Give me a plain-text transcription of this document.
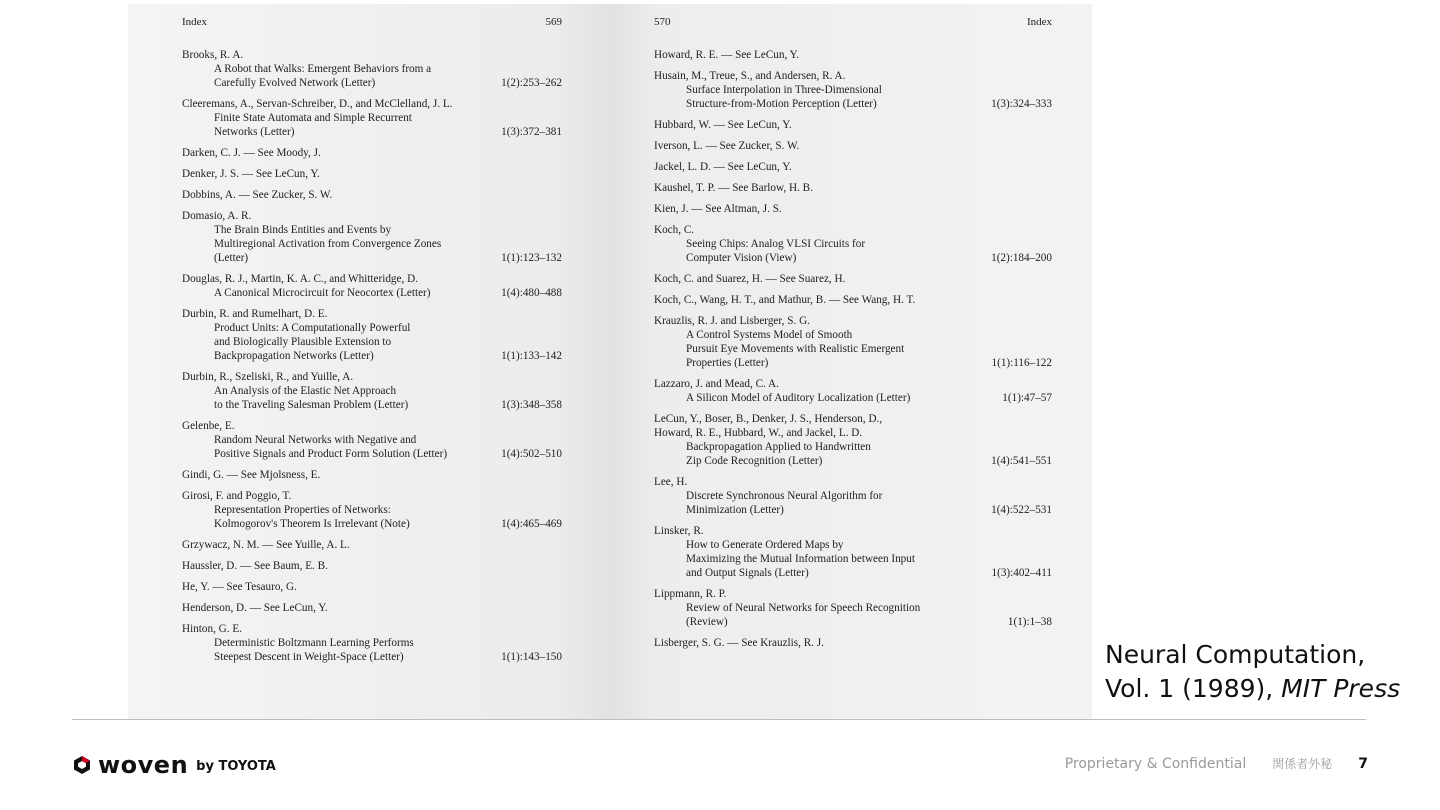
Index	569
Brooks, R. A.
A Robot that Walks: Emergent Behaviors from a
Carefully Evolved Network (Letter)	1(2):253–262
Cleeremans, A., Servan-Schreiber, D., and McClelland, J. L.
Finite State Automata and Simple Recurrent
Networks (Letter)	1(3):372–381
Darken, C. J. — See Moody, J.
Denker, J. S. — See LeCun, Y.
Dobbins, A. — See Zucker, S. W.
Domasio, A. R.
The Brain Binds Entities and Events by
Multiregional Activation from Convergence Zones
(Letter)	1(1):123–132
Douglas, R. J., Martin, K. A. C., and Whitteridge, D.
A Canonical Microcircuit for Neocortex (Letter)	1(4):480–488
Durbin, R. and Rumelhart, D. E.
Product Units: A Computationally Powerful
and Biologically Plausible Extension to
Backpropagation Networks (Letter)	1(1):133–142
Durbin, R., Szeliski, R., and Yuille, A.
An Analysis of the Elastic Net Approach
to the Traveling Salesman Problem (Letter)	1(3):348–358
Gelenbe, E.
Random Neural Networks with Negative and
Positive Signals and Product Form Solution (Letter)	1(4):502–510
Gindi, G. — See Mjolsness, E.
Girosi, F. and Poggio, T.
Representation Properties of Networks:
Kolmogorov's Theorem Is Irrelevant (Note)	1(4):465–469
Grzywacz, N. M. — See Yuille, A. L.
Haussler, D. — See Baum, E. B.
He, Y. — See Tesauro, G.
Henderson, D. — See LeCun, Y.
Hinton, G. E.
Deterministic Boltzmann Learning Performs
Steepest Descent in Weight-Space (Letter)	1(1):143–150
570	Index
Howard, R. E. — See LeCun, Y.
Husain, M., Treue, S., and Andersen, R. A.
Surface Interpolation in Three-Dimensional
Structure-from-Motion Perception (Letter)	1(3):324–333
Hubbard, W. — See LeCun, Y.
Iverson, L. — See Zucker, S. W.
Jackel, L. D. — See LeCun, Y.
Kaushel, T. P. — See Barlow, H. B.
Kien, J. — See Altman, J. S.
Koch, C.
Seeing Chips: Analog VLSI Circuits for
Computer Vision (View)	1(2):184–200
Koch, C. and Suarez, H. — See Suarez, H.
Koch, C., Wang, H. T., and Mathur, B. — See Wang, H. T.
Krauzlis, R. J. and Lisberger, S. G.
A Control Systems Model of Smooth
Pursuit Eye Movements with Realistic Emergent
Properties (Letter)	1(1):116–122
Lazzaro, J. and Mead, C. A.
A Silicon Model of Auditory Localization (Letter)	1(1):47–57
LeCun, Y., Boser, B., Denker, J. S., Henderson, D.,
Howard, R. E., Hubbard, W., and Jackel, L. D.
Backpropagation Applied to Handwritten
Zip Code Recognition (Letter)	1(4):541–551
Lee, H.
Discrete Synchronous Neural Algorithm for
Minimization (Letter)	1(4):522–531
Linsker, R.
How to Generate Ordered Maps by
Maximizing the Mutual Information between Input
and Output Signals (Letter)	1(3):402–411
Lippmann, R. P.
Review of Neural Networks for Speech Recognition
(Review)	1(1):1–38
Lisberger, S. G. — See Krauzlis, R. J.	Neural Computation,
Vol. 1 (1989), MIT Press
woven by TOYOTA	Proprietary & Confidential 関係者外秘 7
